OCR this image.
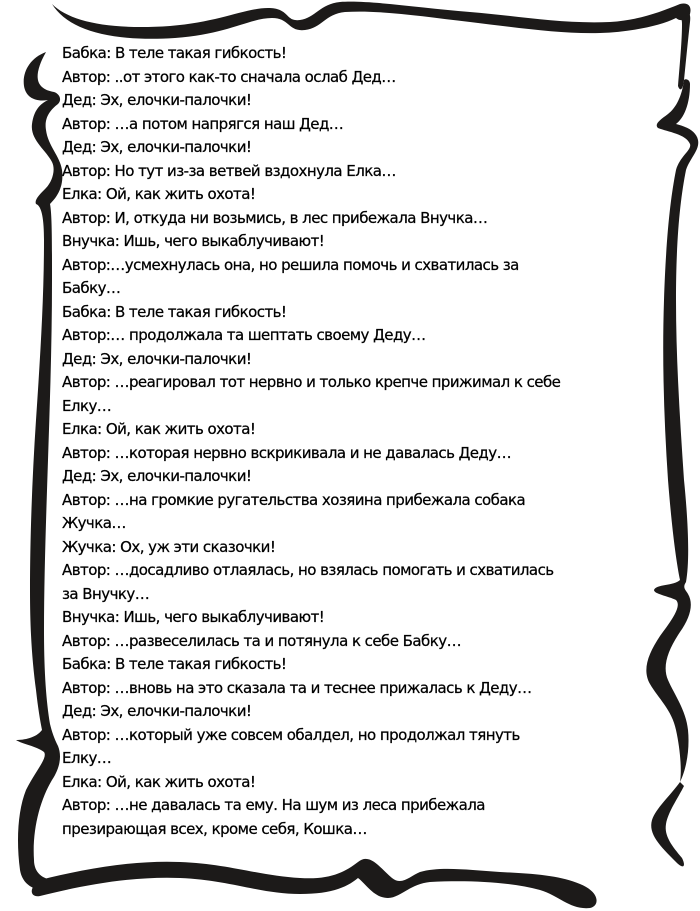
Бабка: В теле такая гибкость!
Автор: ..от этого как-то сначала ослаб Дед…
Дед: Эх, елочки-палочки!
Автор: …а потом напрягся наш Дед…
Дед: Эх, елочки-палочки!
Автор: Но тут из-за ветвей вздохнула Елка…
Елка: Ой, как жить охота!
Автор: И, откуда ни возьмись, в лес прибежала Внучка…
Внучка: Ишь, чего выкаблучивают!
Автор:…усмехнулась она, но решила помочь и схватилась за
Бабку…
Бабка: В теле такая гибкость!
Автор:… продолжала та шептать своему Деду…
Дед: Эх, елочки-палочки!
Автор: …реагировал тот нервно и только крепче прижимал к себе
Елку…
Елка: Ой, как жить охота!
Автор: …которая нервно вскрикивала и не давалась Деду…
Дед: Эх, елочки-палочки!
Автор: …на громкие ругательства хозяина прибежала собака
Жучка…
Жучка: Ох, уж эти сказочки!
Автор: …досадливо отлаялась, но взялась помогать и схватилась
за Внучку…
Внучка: Ишь, чего выкаблучивают!
Автор: …развеселилась та и потянула к себе Бабку…
Бабка: В теле такая гибкость!
Автор: …вновь на это сказала та и теснее прижалась к Деду…
Дед: Эх, елочки-палочки!
Автор: …который уже совсем обалдел, но продолжал тянуть
Елку…
Елка: Ой, как жить охота!
Автор: …не давалась та ему. На шум из леса прибежала
презирающая всех, кроме себя, Кошка…
